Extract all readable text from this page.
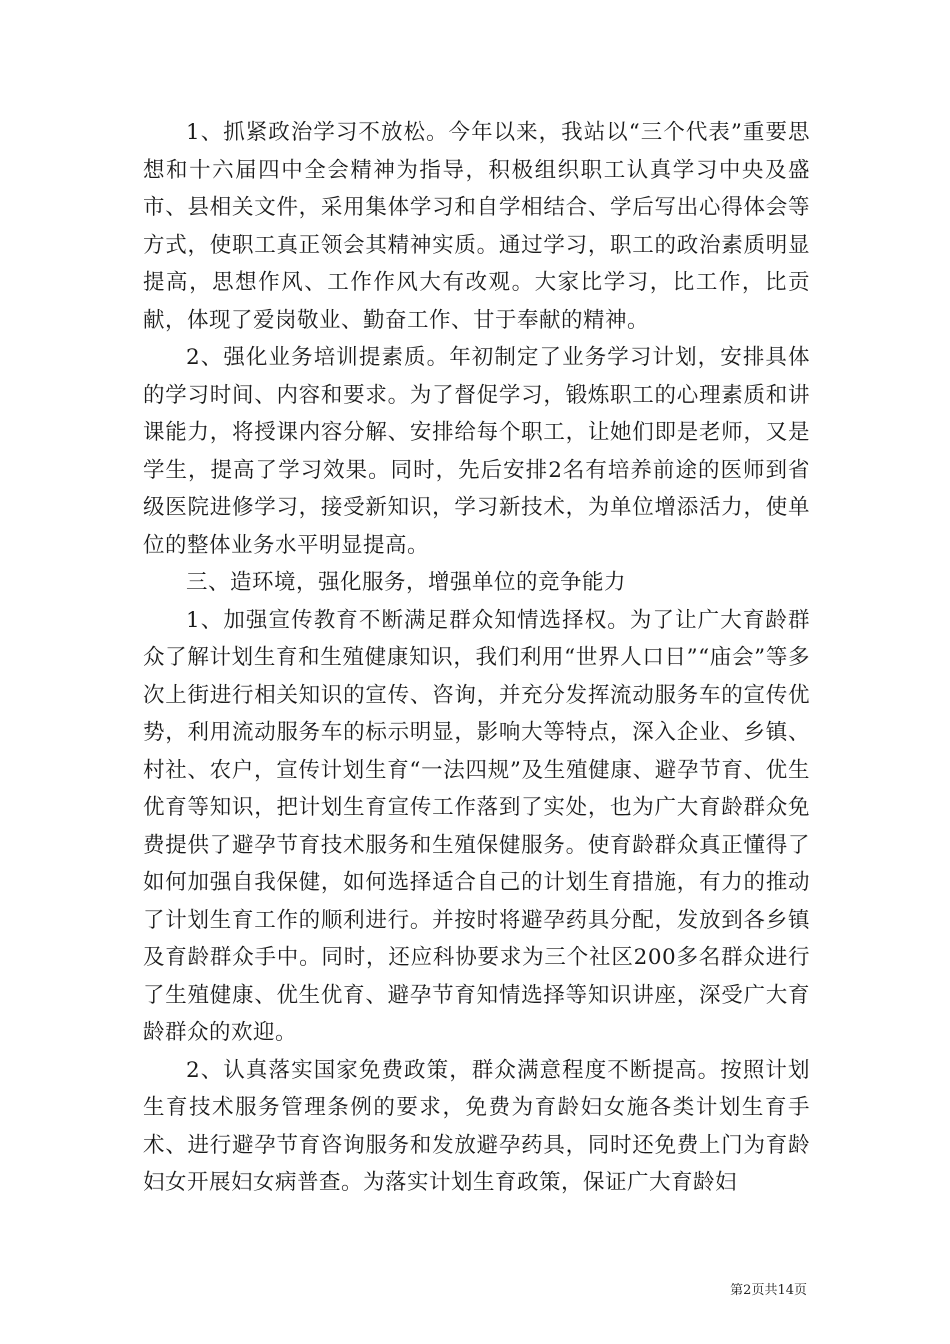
1、抓紧政治学习不放松。今年以来，我站以“三个代表”重要思想和十六届四中全会精神为指导，积极组织职工认真学习中央及盛市、县相关文件，采用集体学习和自学相结合、学后写出心得体会等方式，使职工真正领会其精神实质。通过学习，职工的政治素质明显提高，思想作风、工作作风大有改观。大家比学习，比工作，比贡献，体现了爱岗敬业、勤奋工作、甘于奉献的精神。

2、强化业务培训提素质。年初制定了业务学习计划，安排具体的学习时间、内容和要求。为了督促学习，锻炼职工的心理素质和讲课能力，将授课内容分解、安排给每个职工，让她们即是老师，又是学生，提高了学习效果。同时，先后安排2名有培养前途的医师到省级医院进修学习，接受新知识，学习新技术，为单位增添活力，使单位的整体业务水平明显提高。

三、造环境，强化服务，增强单位的竞争能力

1、加强宣传教育不断满足群众知情选择权。为了让广大育龄群众了解计划生育和生殖健康知识，我们利用“世界人口日”“庙会”等多次上街进行相关知识的宣传、咨询，并充分发挥流动服务车的宣传优势，利用流动服务车的标示明显，影响大等特点，深入企业、乡镇、村社、农户，宣传计划生育“一法四规”及生殖健康、避孕节育、优生优育等知识，把计划生育宣传工作落到了实处，也为广大育龄群众免费提供了避孕节育技术服务和生殖保健服务。使育龄群众真正懂得了如何加强自我保健，如何选择适合自己的计划生育措施，有力的推动了计划生育工作的顺利进行。并按时将避孕药具分配，发放到各乡镇及育龄群众手中。同时，还应科协要求为三个社区200多名群众进行了生殖健康、优生优育、避孕节育知情选择等知识讲座，深受广大育龄群众的欢迎。

2、认真落实国家免费政策，群众满意程度不断提高。按照计划生育技术服务管理条例的要求，免费为育龄妇女施各类计划生育手术、进行避孕节育咨询服务和发放避孕药具，同时还免费上门为育龄妇女开展妇女病普查。为落实计划生育政策，保证广大育龄妇

第2页共14页
